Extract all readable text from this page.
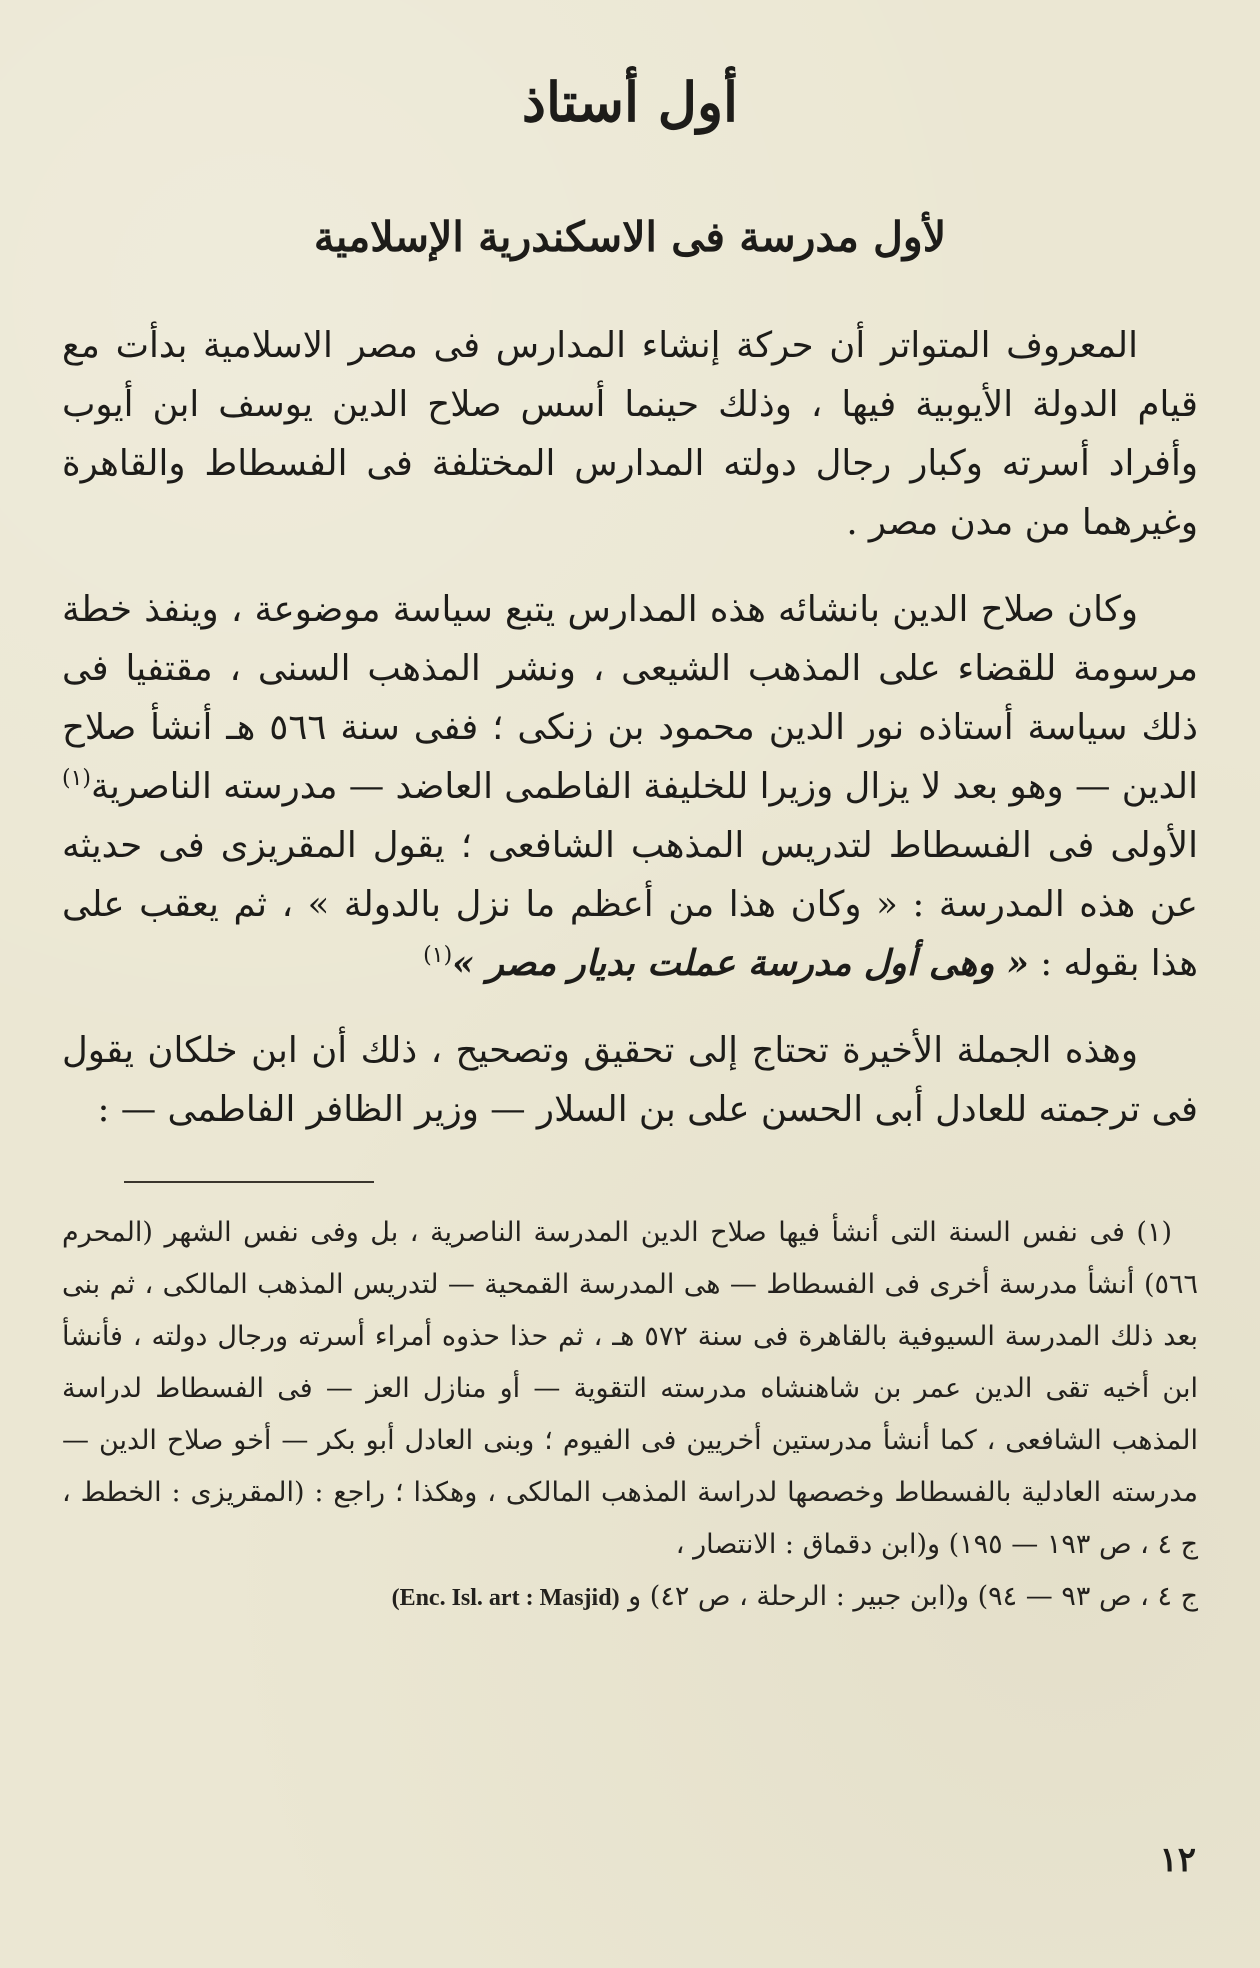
أول أستاذ
لأول مدرسة فى الاسكندرية الإسلامية

المعروف المتواتر أن حركة إنشاء المدارس فى مصر الاسلامية بدأت مع قيام الدولة الأيوبية فيها ، وذلك حينما أسس صلاح الدين يوسف ابن أيوب وأفراد أسرته وكبار رجال دولته المدارس المختلفة فى الفسطاط والقاهرة وغيرهما من مدن مصر .

وكان صلاح الدين بانشائه هذه المدارس يتبع سياسة موضوعة ، وينفذ خطة مرسومة للقضاء على المذهب الشيعى ، ونشر المذهب السنى ، مقتفيا فى ذلك سياسة أستاذه نور الدين محمود بن زنكى ؛ ففى سنة ٥٦٦ هـ أنشأ صلاح الدين — وهو بعد لا يزال وزيرا للخليفة الفاطمى العاضد — مدرسته الناصرية$^{(١)}$ الأولى فى الفسطاط لتدريس المذهب الشافعى ؛ يقول المقريزى فى حديثه عن هذه المدرسة : « وكان هذا من أعظم ما نزل بالدولة » ، ثم يعقب على هذا بقوله : « وهى أول مدرسة عملت بديار مصر »$^{(١)}$

وهذه الجملة الأخيرة تحتاج إلى تحقيق وتصحيح ، ذلك أن ابن خلكان يقول فى ترجمته للعادل أبى الحسن على بن السلار — وزير الظافر الفاطمى — :

(١) فى نفس السنة التى أنشأ فيها صلاح الدين المدرسة الناصرية ، بل وفى نفس الشهر (المحرم ٥٦٦) أنشأ مدرسة أخرى فى الفسطاط — هى المدرسة القمحية — لتدريس المذهب المالكى ، ثم بنى بعد ذلك المدرسة السيوفية بالقاهرة فى سنة ٥٧٢ هـ ، ثم حذا حذوه أمراء أسرته ورجال دولته ، فأنشأ ابن أخيه تقى الدين عمر بن شاهنشاه مدرسته التقوية — أو منازل العز — فى الفسطاط لدراسة المذهب الشافعى ، كما أنشأ مدرستين أخريين فى الفيوم ؛ وبنى العادل أبو بكر — أخو صلاح الدين — مدرسته العادلية بالفسطاط وخصصها لدراسة المذهب المالكى ، وهكذا ؛ راجع : (المقريزى : الخطط ، ج ٤ ، ص ١٩٣ — ١٩٥) و(ابن دقماق : الانتصار ،

ج ٤ ، ص ٩٣ — ٩٤) و(ابن جبير : الرحلة ، ص ٤٢) و (Enc. Isl. art : Masjid)

١٢
